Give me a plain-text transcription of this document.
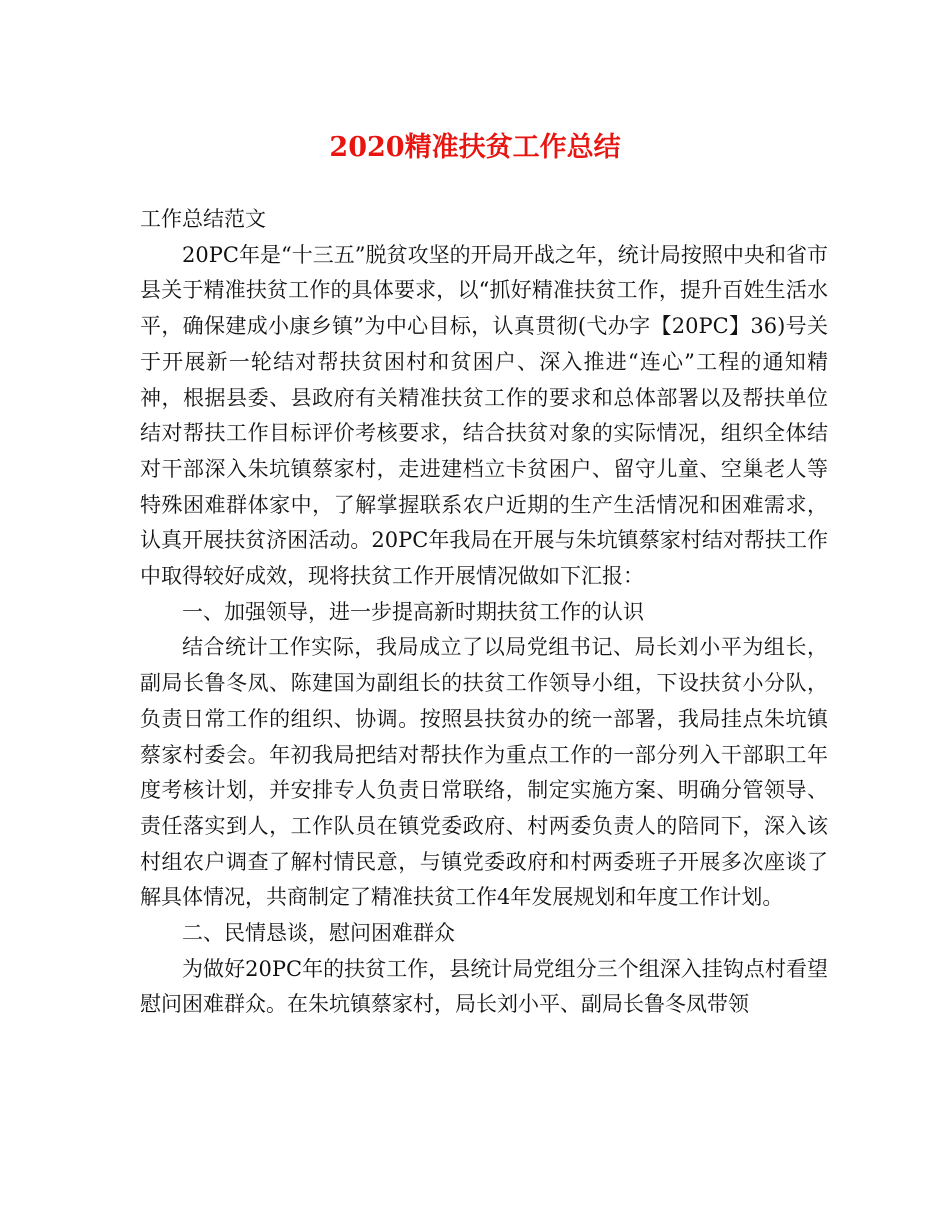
2020精准扶贫工作总结

工作总结范文

20PC年是“十三五”脱贫攻坚的开局开战之年，统计局按照中央和省市县关于精准扶贫工作的具体要求，以“抓好精准扶贫工作，提升百姓生活水平，确保建成小康乡镇”为中心目标，认真贯彻(弋办字【20PC】36)号关于开展新一轮结对帮扶贫困村和贫困户、深入推进“连心”工程的通知精神，根据县委、县政府有关精准扶贫工作的要求和总体部署以及帮扶单位结对帮扶工作目标评价考核要求，结合扶贫对象的实际情况，组织全体结对干部深入朱坑镇蔡家村，走进建档立卡贫困户、留守儿童、空巢老人等特殊困难群体家中，了解掌握联系农户近期的生产生活情况和困难需求，认真开展扶贫济困活动。20PC年我局在开展与朱坑镇蔡家村结对帮扶工作中取得较好成效，现将扶贫工作开展情况做如下汇报：

一、加强领导，进一步提高新时期扶贫工作的认识

结合统计工作实际，我局成立了以局党组书记、局长刘小平为组长，副局长鲁冬凤、陈建国为副组长的扶贫工作领导小组，下设扶贫小分队，负责日常工作的组织、协调。按照县扶贫办的统一部署，我局挂点朱坑镇蔡家村委会。年初我局把结对帮扶作为重点工作的一部分列入干部职工年度考核计划，并安排专人负责日常联络，制定实施方案、明确分管领导、责任落实到人，工作队员在镇党委政府、村两委负责人的陪同下，深入该村组农户调查了解村情民意，与镇党委政府和村两委班子开展多次座谈了解具体情况，共商制定了精准扶贫工作4年发展规划和年度工作计划。

二、民情恳谈，慰问困难群众

为做好20PC年的扶贫工作，县统计局党组分三个组深入挂钩点村看望慰问困难群众。在朱坑镇蔡家村，局长刘小平、副局长鲁冬凤带领
